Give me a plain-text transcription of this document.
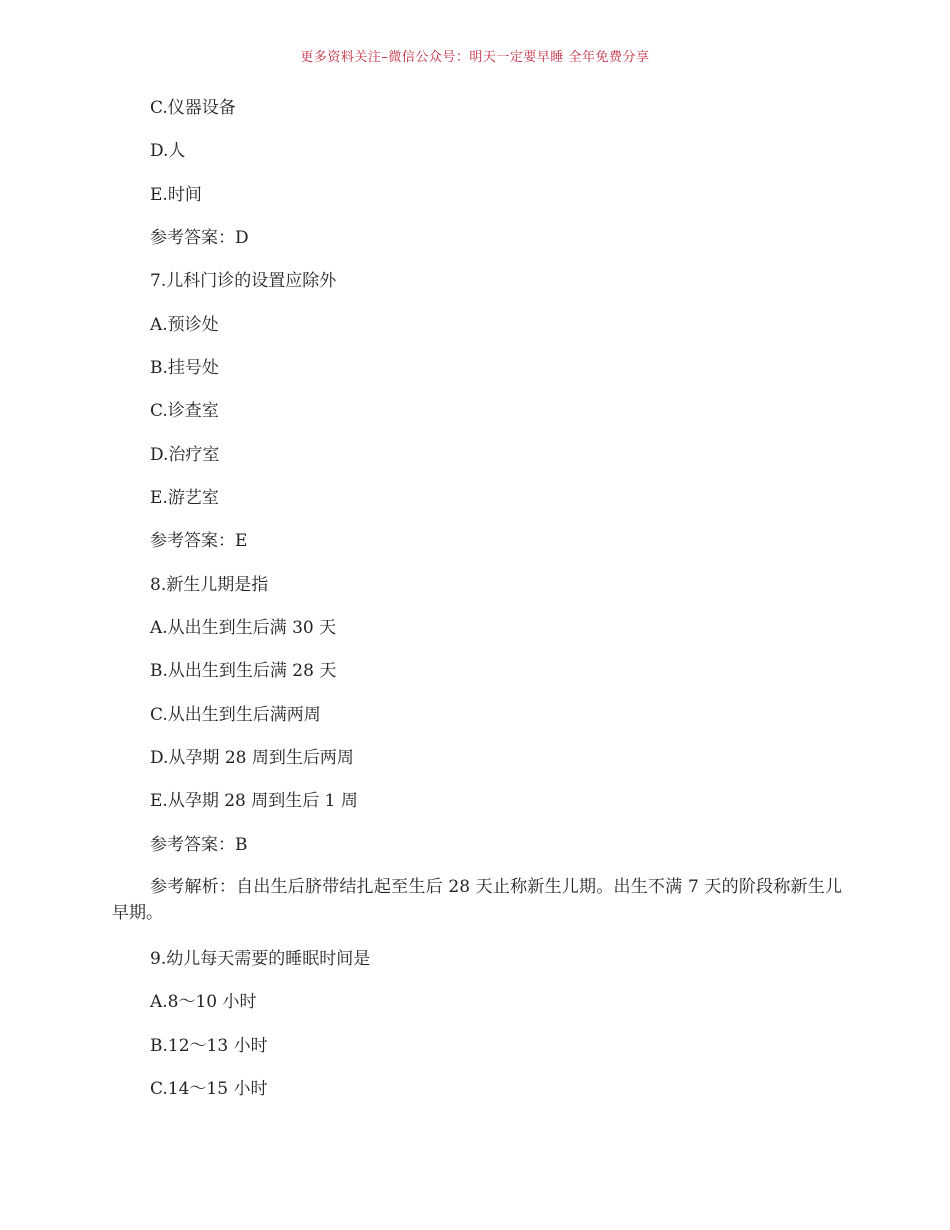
更多资料关注–微信公众号：明天一定要早睡 全年免费分享
C.仪器设备
D.人
E.时间
参考答案：D
7.儿科门诊的设置应除外
A.预诊处
B.挂号处
C.诊查室
D.治疗室
E.游艺室
参考答案：E
8.新生儿期是指
A.从出生到生后满 30 天
B.从出生到生后满 28 天
C.从出生到生后满两周
D.从孕期 28 周到生后两周
E.从孕期 28 周到生后 1 周
参考答案：B
参考解析：自出生后脐带结扎起至生后 28 天止称新生儿期。出生不满 7 天的阶段称新生儿早期。
9.幼儿每天需要的睡眠时间是
A.8～10 小时
B.12～13 小时
C.14～15 小时
